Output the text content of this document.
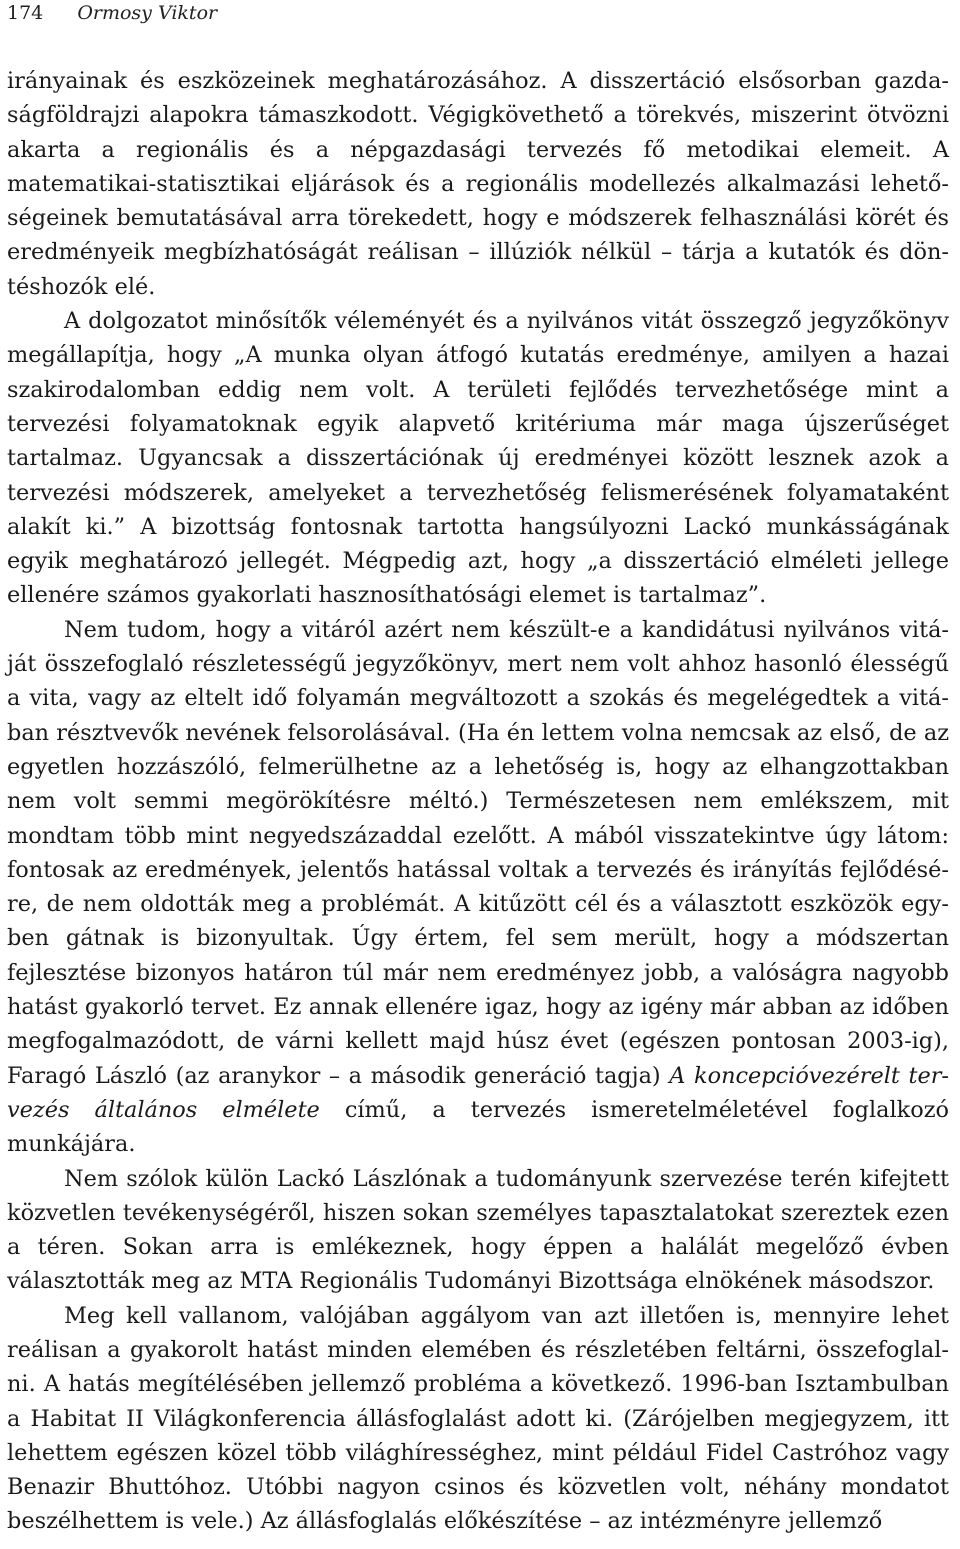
174 Ormosy Viktor

irányainak és eszközeinek meghatározásához. A disszertáció elsősorban gazdaságföldrajzi alapokra támaszkodott. Végigkövethető a törekvés, miszerint ötvözni akarta a regionális és a népgazdasági tervezés fő metodikai elemeit. A matematikai-statisztikai eljárások és a regionális modellezés alkalmazási lehetőségeinek bemutatásával arra törekedett, hogy e módszerek felhasználási körét és eredményeik megbízhatóságát reálisan – illúziók nélkül – tárja a kutatók és döntéshozók elé.

A dolgozatot minősítők véleményét és a nyilvános vitát összegző jegyzőkönyv megállapítja, hogy „A munka olyan átfogó kutatás eredménye, amilyen a hazai szakirodalomban eddig nem volt. A területi fejlődés tervezhetősége mint a tervezési folyamatoknak egyik alapvető kritériuma már maga újszerűséget tartalmaz. Ugyancsak a disszertációnak új eredményei között lesznek azok a tervezési módszerek, amelyeket a tervezhetőség felismerésének folyamataként alakít ki.” A bizottság fontosnak tartotta hangsúlyozni Lackó munkásságának egyik meghatározó jellegét. Mégpedig azt, hogy „a disszertáció elméleti jellege ellenére számos gyakorlati hasznosíthatósági elemet is tartalmaz”.

Nem tudom, hogy a vitáról azért nem készült-e a kandidátusi nyilvános vitáját összefoglaló részletességű jegyzőkönyv, mert nem volt ahhoz hasonló élességű a vita, vagy az eltelt idő folyamán megváltozott a szokás és megelégedtek a vitában résztvevők nevének felsorolásával. (Ha én lettem volna nemcsak az első, de az egyetlen hozzászóló, felmerülhetne az a lehetőség is, hogy az elhangzottakban nem volt semmi megörökítésre méltó.) Természetesen nem emlékszem, mit mondtam több mint negyedszázaddal ezelőtt. A mából visszatekintve úgy látom: fontosak az eredmények, jelentős hatással voltak a tervezés és irányítás fejlődésére, de nem oldották meg a problémát. A kitűzött cél és a választott eszközök egyben gátnak is bizonyultak. Úgy értem, fel sem merült, hogy a módszertan fejlesztése bizonyos határon túl már nem eredményez jobb, a valóságra nagyobb hatást gyakorló tervet. Ez annak ellenére igaz, hogy az igény már abban az időben megfogalmazódott, de várni kellett majd húsz évet (egészen pontosan 2003-ig), Faragó László (az aranykor – a második generáció tagja) A koncepcióvezérelt tervezés általános elmélete című, a tervezés ismeretelméletével foglalkozó munkájára.

Nem szólok külön Lackó Lászlónak a tudományunk szervezése terén kifejtett közvetlen tevékenységéről, hiszen sokan személyes tapasztalatokat szereztek ezen a téren. Sokan arra is emlékeznek, hogy éppen a halálát megelőző évben választották meg az MTA Regionális Tudományi Bizottsága elnökének másodszor.

Meg kell vallanom, valójában aggályom van azt illetően is, mennyire lehet reálisan a gyakorolt hatást minden elemében és részletében feltárni, összefoglalni. A hatás megítélésében jellemző probléma a következő. 1996-ban Isztambulban a Habitat II Világkonferencia állásfoglalást adott ki. (Zárójelben megjegyzem, itt lehettem egészen közel több világhírességhez, mint például Fidel Castróhoz vagy Benazir Bhuttóhoz. Utóbbi nagyon csinos és közvetlen volt, néhány mondatot beszélhettem is vele.) Az állásfoglalás előkészítése – az intézményre jellemző
